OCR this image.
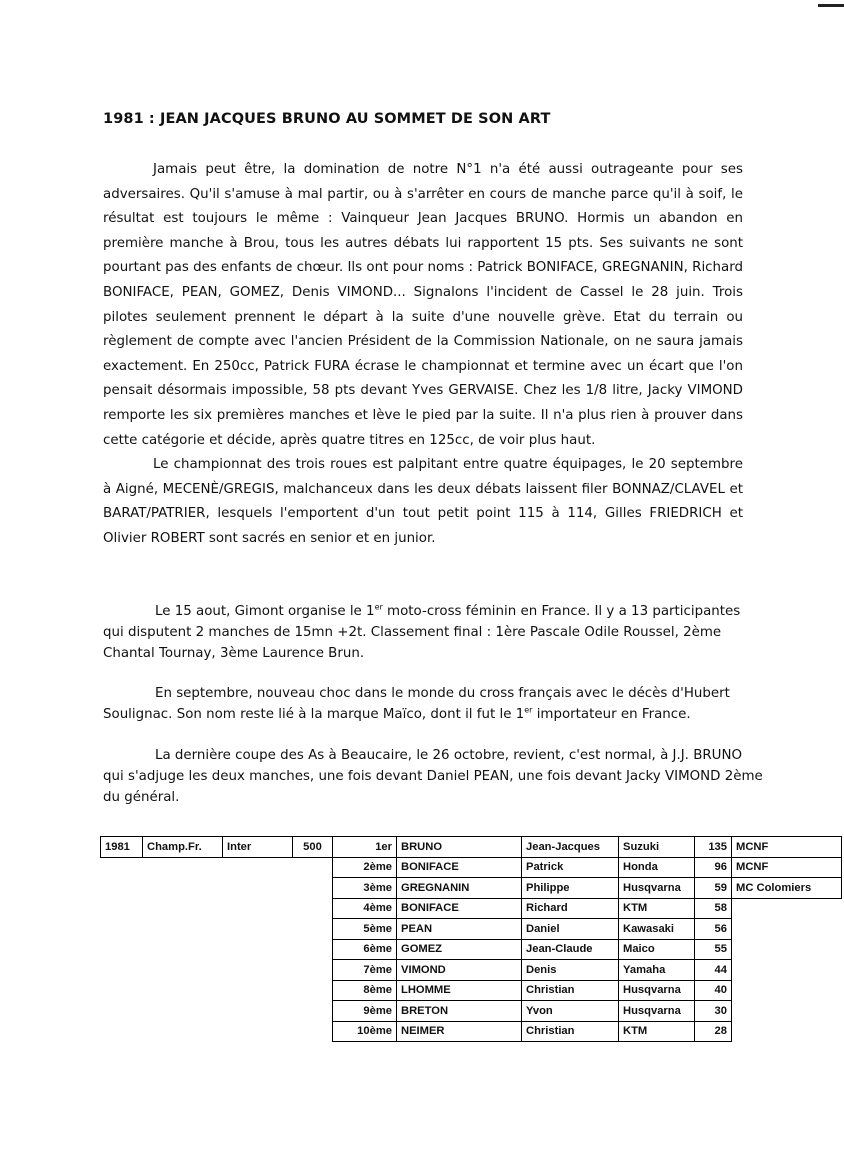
1981 : JEAN JACQUES BRUNO AU SOMMET DE SON ART

Jamais peut être, la domination de notre N°1 n'a été aussi outrageante pour ses adversaires. Qu'il s'amuse à mal partir, ou à s'arrêter en cours de manche parce qu'il à soif, le résultat est toujours le même : Vainqueur Jean Jacques BRUNO. Hormis un abandon en première manche à Brou, tous les autres débats lui rapportent 15 pts. Ses suivants ne sont pourtant pas des enfants de chœur. Ils ont pour noms : Patrick BONIFACE, GREGNANIN, Richard BONIFACE, PEAN, GOMEZ, Denis VIMOND... Signalons l'incident de Cassel le 28 juin. Trois pilotes seulement prennent le départ à la suite d'une nouvelle grève. Etat du terrain ou règlement de compte avec l'ancien Président de la Commission Nationale, on ne saura jamais exactement. En 250cc, Patrick FURA écrase le championnat et termine avec un écart que l'on pensait désormais impossible, 58 pts devant Yves GERVAISE. Chez les 1/8 litre, Jacky VIMOND remporte les six premières manches et lève le pied par la suite. Il n'a plus rien à prouver dans cette catégorie et décide, après quatre titres en 125cc, de voir plus haut.

Le championnat des trois roues est palpitant entre quatre équipages, le 20 septembre à Aigné, MECENÈ/GREGIS, malchanceux dans les deux débats laissent filer BONNAZ/CLAVEL et BARAT/PATRIER, lesquels l'emportent d'un tout petit point 115 à 114, Gilles FRIEDRICH et Olivier ROBERT sont sacrés en senior et en junior.

Le 15 aout, Gimont organise le 1er moto-cross féminin en France. Il y a 13 participantes qui disputent 2 manches de 15mn +2t. Classement final : 1ère Pascale Odile Roussel, 2ème Chantal Tournay, 3ème Laurence Brun.

En septembre, nouveau choc dans le monde du cross français avec le décès d'Hubert Soulignac. Son nom reste lié à la marque Maïco, dont il fut le 1er importateur en France.

La dernière coupe des As à Beaucaire, le 26 octobre, revient, c'est normal, à J.J. BRUNO qui s'adjuge les deux manches, une fois devant Daniel PEAN, une fois devant Jacky VIMOND 2ème du général.

1981	Champ.Fr.	Inter	500	1er	BRUNO	Jean-Jacques	Suzuki	135	MCNF
				2ème	BONIFACE	Patrick	Honda	96	MCNF
				3ème	GREGNANIN	Philippe	Husqvarna	59	MC Colomiers
				4ème	BONIFACE	Richard	KTM	58	
				5ème	PEAN	Daniel	Kawasaki	56	
				6ème	GOMEZ	Jean-Claude	Maico	55	
				7ème	VIMOND	Denis	Yamaha	44	
				8ème	LHOMME	Christian	Husqvarna	40	
				9ème	BRETON	Yvon	Husqvarna	30	
				10ème	NEIMER	Christian	KTM	28	
